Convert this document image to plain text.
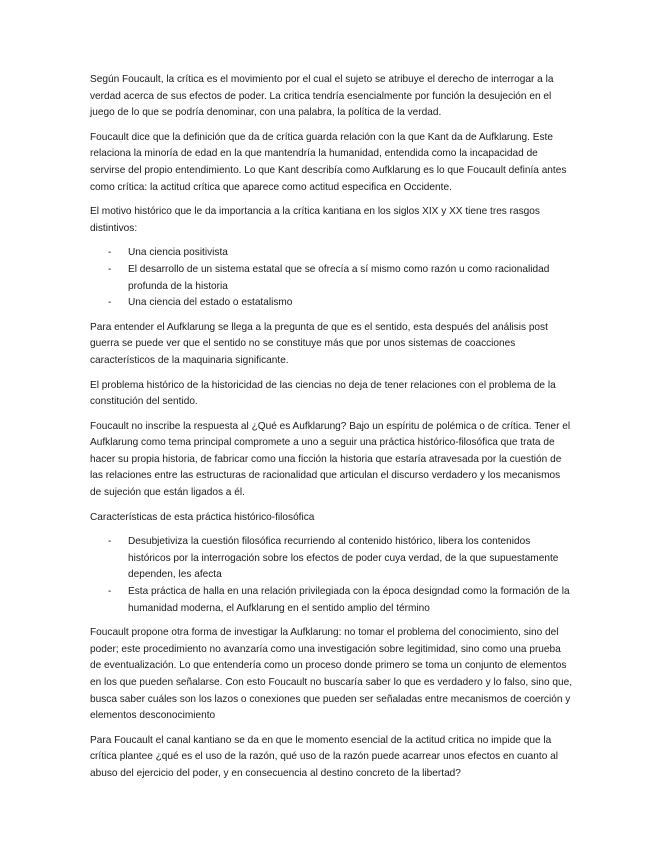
Según Foucault, la crítica es el movimiento por el cual el sujeto se atribuye el derecho de interrogar a la verdad acerca de sus efectos de poder. La critica tendría esencialmente por función la desujeción en el juego de lo que se podría denominar, con una palabra, la política de la verdad.

Foucault dice que la definición que da de crítica guarda relación con la que Kant da de Aufklarung. Este relaciona la minoría de edad en la que mantendría la humanidad, entendida como la incapacidad de servirse del propio entendimiento. Lo que Kant describía como Aufklarung es lo que Foucault definía antes como crítica: la actitud crítica que aparece como actitud especifica en Occidente.

El motivo histórico que le da importancia a la crítica kantiana en los siglos XIX y XX tiene tres rasgos distintivos:

- Una ciencia positivista
- El desarrollo de un sistema estatal que se ofrecía a sí mismo como razón u como racionalidad profunda de la historia
- Una ciencia del estado o estatalismo

Para entender el Aufklarung se llega a la pregunta de que es el sentido, esta después del análisis post guerra se puede ver que el sentido no se constituye más que por unos sistemas de coacciones característicos de la maquinaria significante.

El problema histórico de la historicidad de las ciencias no deja de tener relaciones con el problema de la constitución del sentido.

Foucault no inscribe la respuesta al ¿Qué es Aufklarung? Bajo un espíritu de polémica o de crítica. Tener el Aufklarung como tema principal compromete a uno a seguir una práctica histórico-filosófica que trata de hacer su propia historia, de fabricar como una ficción la historia que estaría atravesada por la cuestión de las relaciones entre las estructuras de racionalidad que articulan el discurso verdadero y los mecanismos de sujeción que están ligados a él.

Características de esta práctica histórico-filosófica

- Desubjetiviza la cuestión filosófica recurriendo al contenido histórico, libera los contenidos históricos por la interrogación sobre los efectos de poder cuya verdad, de la que supuestamente dependen, les afecta
- Esta práctica de halla en una relación privilegiada con la época designdad como la formación de la humanidad moderna, el Aufklarung en el sentido amplio del término

Foucault propone otra forma de investigar la Aufklarung: no tomar el problema del conocimiento, sino del poder; este procedimiento no avanzaría como una investigación sobre legitimidad, sino como una prueba de eventualización. Lo que entendería como un proceso donde primero se toma un conjunto de elementos en los que pueden señalarse. Con esto Foucault no buscaría saber lo que es verdadero y lo falso, sino que, busca saber cuáles son los lazos o conexiones que pueden ser señaladas entre mecanismos de coerción y elementos desconocimiento

Para Foucault el canal kantiano se da en que le momento esencial de la actitud critica no impide que la crítica plantee ¿qué es el uso de la razón, qué uso de la razón puede acarrear unos efectos en cuanto al abuso del ejercicio del poder, y en consecuencia al destino concreto de la libertad?
